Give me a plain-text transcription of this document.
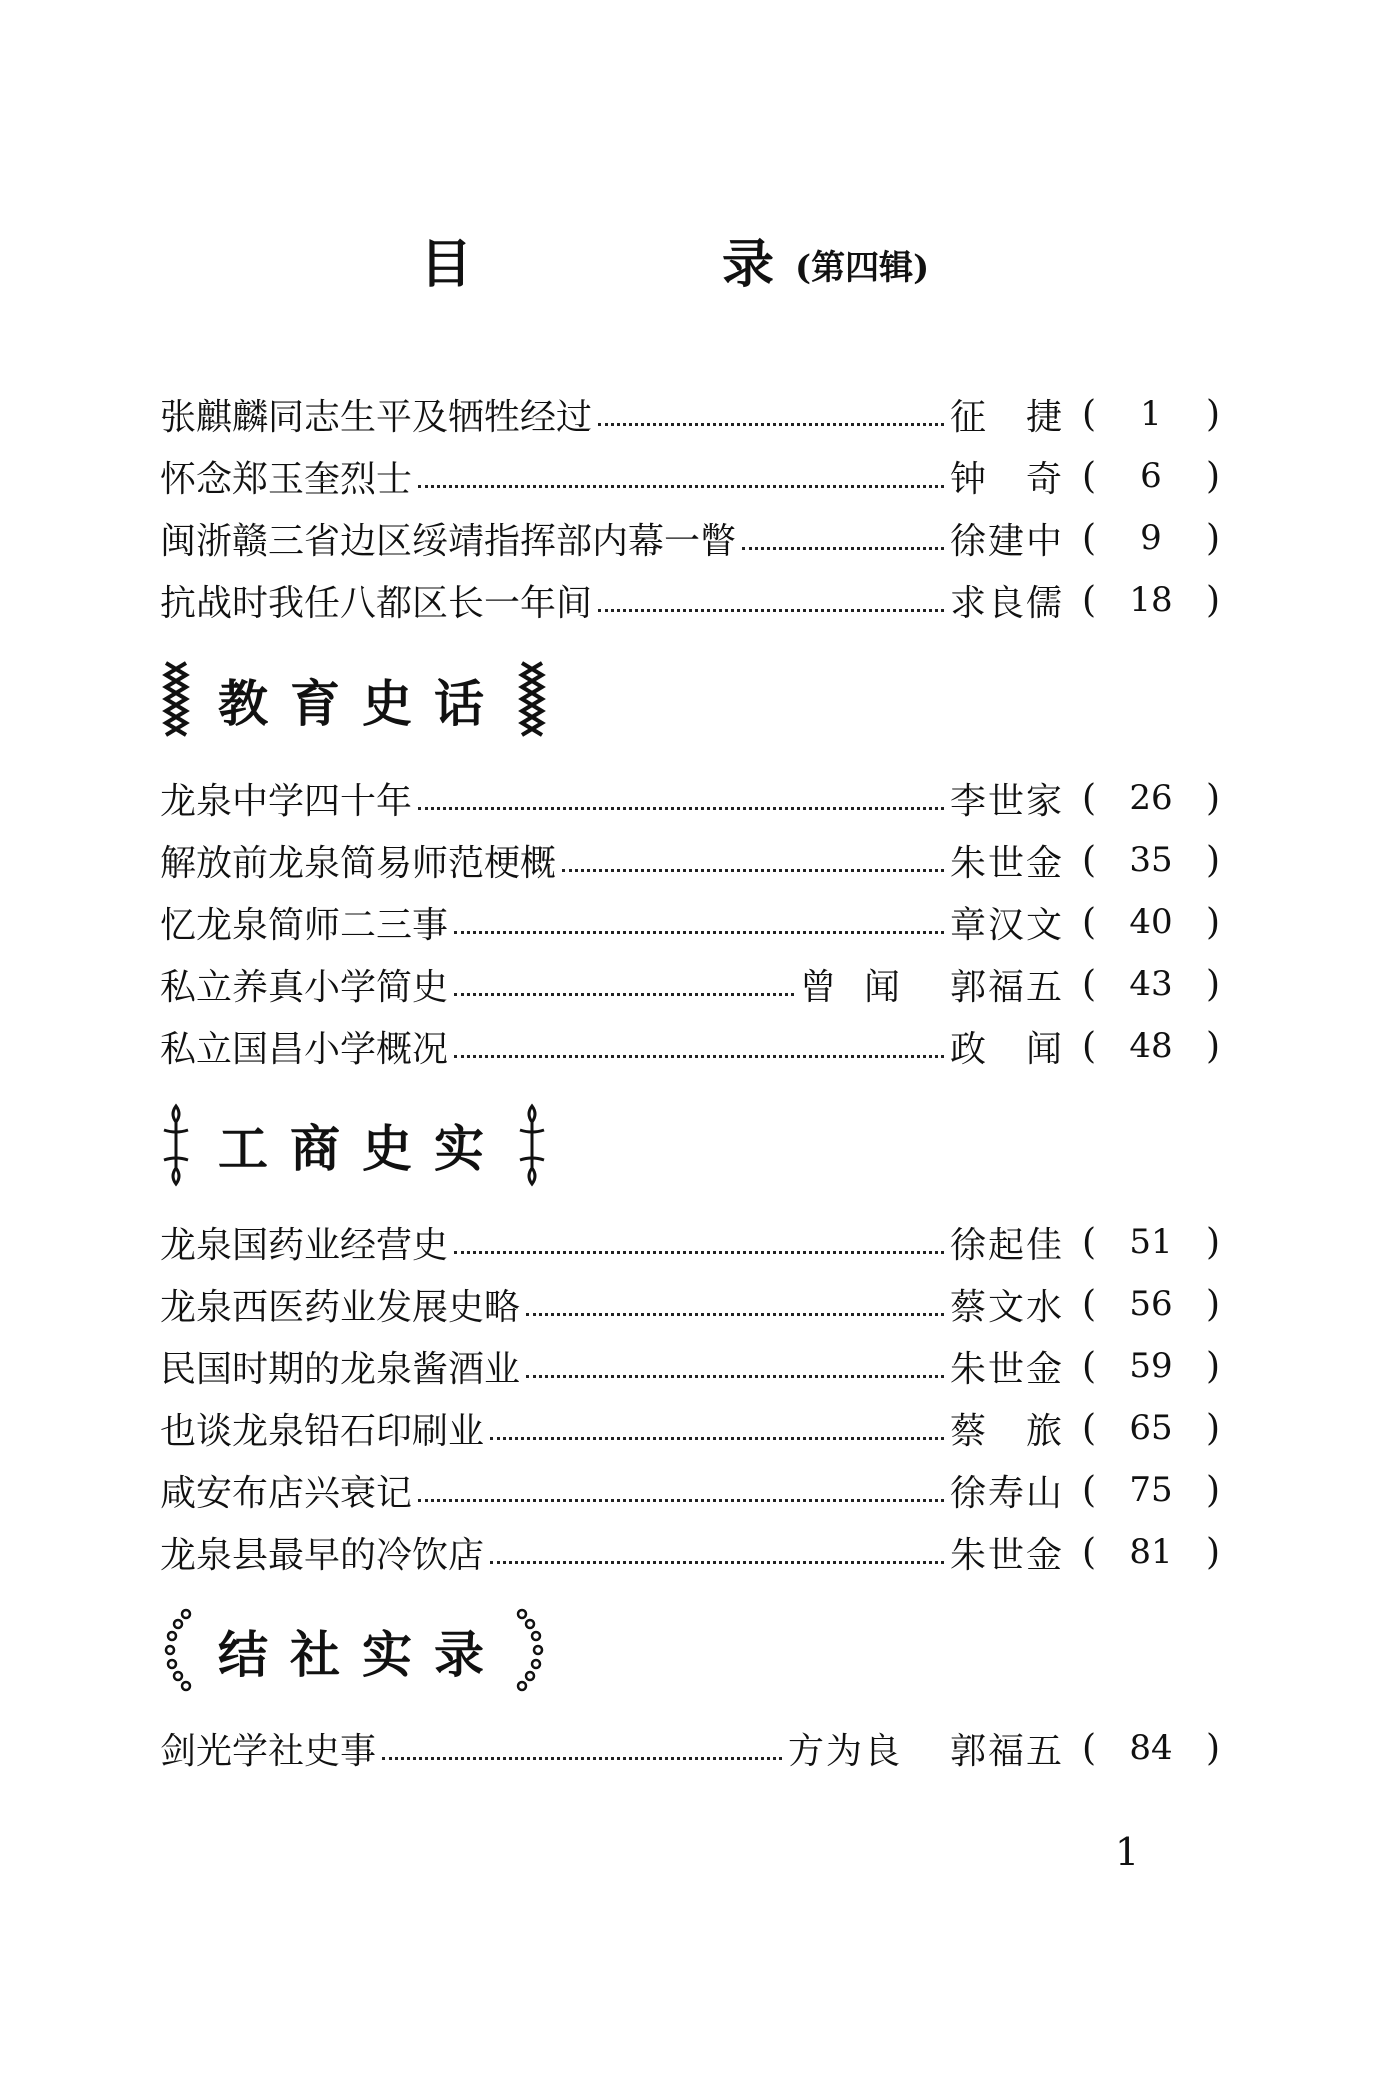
目	录 (第四辑)
张麒麟同志生平及牺牲经过	征　捷 (	1	)
怀念郑玉奎烈士	钟　奇 (	6	)
闽浙赣三省边区绥靖指挥部内幕一瞥	徐建中 (	9	)
抗战时我任八都区长一年间	求良儒 ( 18 )
教育史话
龙泉中学四十年	李世家 ( 26 )
解放前龙泉简易师范梗概	朱世金 ( 35 )
忆龙泉简师二三事	章汉文 ( 40 )
私立养真小学简史	曾闻 郭福五 ( 43 )
私立国昌小学概况	政　闻 ( 48 )
工商史实
龙泉国药业经营史	徐起佳 ( 51 )
龙泉西医药业发展史略	蔡文水 ( 56 )
民国时期的龙泉酱酒业	朱世金 ( 59 )
也谈龙泉铅石印刷业	蔡　旅 ( 65 )
咸安布店兴衰记	徐寿山 ( 75 )
龙泉县最早的冷饮店	朱世金 ( 81 )
结社实录
剑光学社史事	方为良 郭福五 ( 84 )
1
